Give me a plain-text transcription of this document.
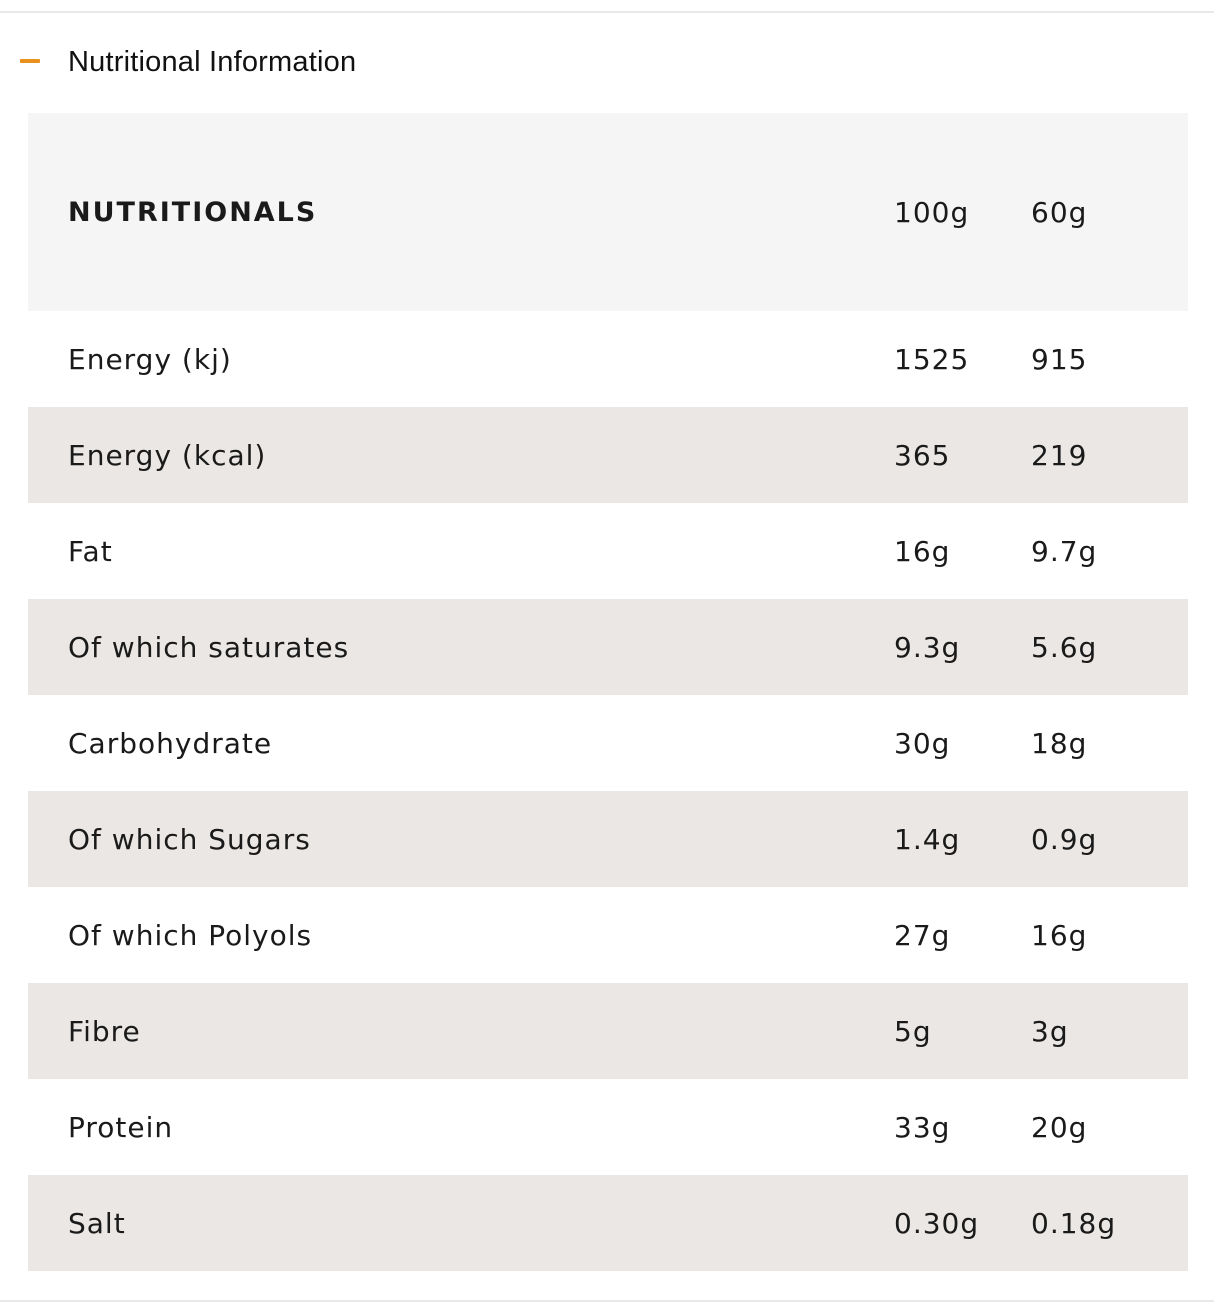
Nutritional Information
NUTRITIONALS	100g 60g
Energy (kj)	1525 915
Energy (kcal)	365	219
Fat	16g	9.7g
Of which saturates	9.3g	5.6g
Carbohydrate	30g	18g
Of which Sugars	1.4g	0.9g
Of which Polyols	27g	16g
Fibre	5g	3g
Protein	33g	20g
Salt	0.30g 0.18g
